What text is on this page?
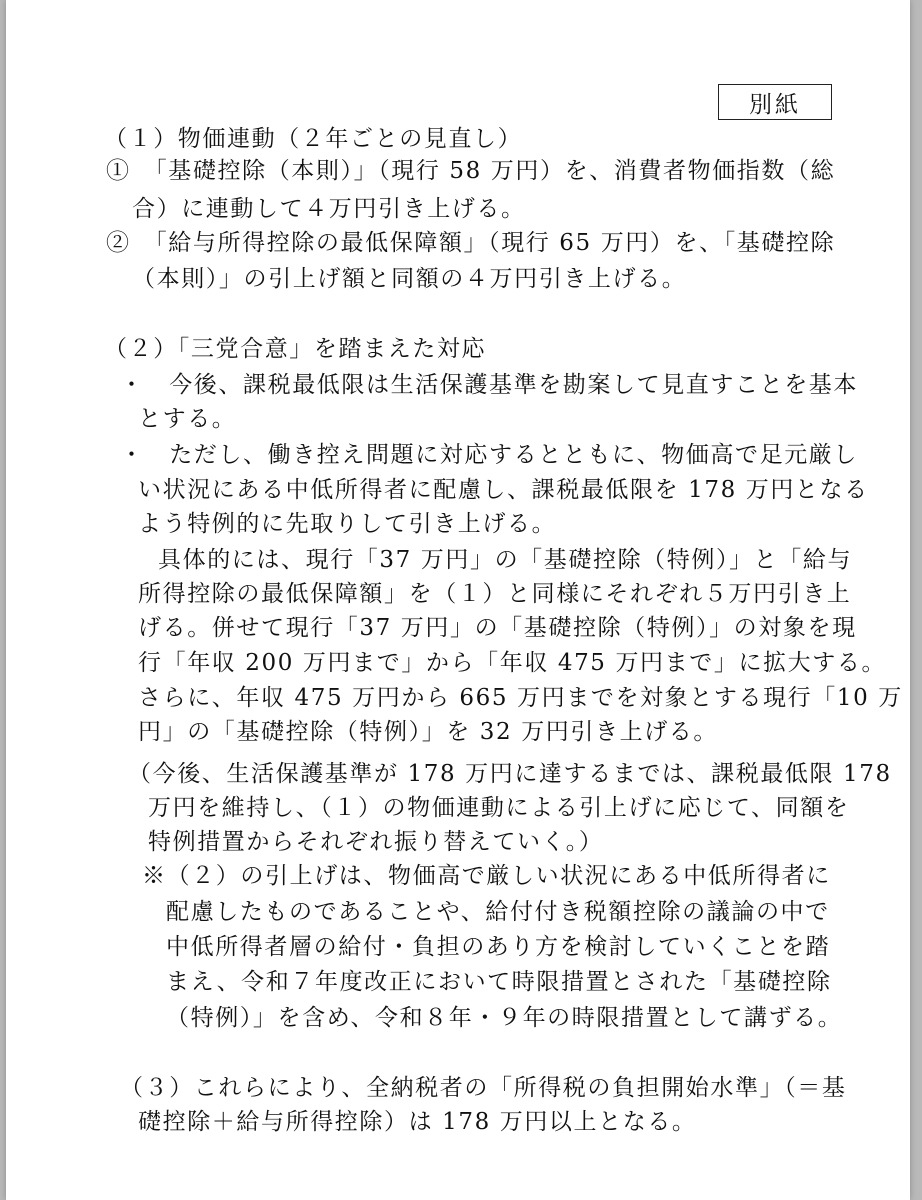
別紙
（１）物価連動（２年ごとの見直し）
①　「基礎控除（本則）」（現行 58 万円）を、消費者物価指数（総
合）に連動して４万円引き上げる。
②　「給与所得控除の最低保障額」（現行 65 万円）を、「基礎控除
（本則）」の引上げ額と同額の４万円引き上げる。
（２）「三党合意」を踏まえた対応
・　今後、課税最低限は生活保護基準を勘案して見直すことを基本
とする。
・　ただし、働き控え問題に対応するとともに、物価高で足元厳し
い状況にある中低所得者に配慮し、課税最低限を 178 万円となる
よう特例的に先取りして引き上げる。
具体的には、現行「37 万円」の「基礎控除（特例）」と「給与
所得控除の最低保障額」を（１）と同様にそれぞれ５万円引き上
げる。併せて現行「37 万円」の「基礎控除（特例）」の対象を現
行「年収 200 万円まで」から「年収 475 万円まで」に拡大する。
さらに、年収 475 万円から 665 万円までを対象とする現行「10 万
円」の「基礎控除（特例）」を 32 万円引き上げる。
（今後、生活保護基準が 178 万円に達するまでは、課税最低限 178
万円を維持し、（１）の物価連動による引上げに応じて、同額を
特例措置からそれぞれ振り替えていく。）
※（２）の引上げは、物価高で厳しい状況にある中低所得者に
配慮したものであることや、給付付き税額控除の議論の中で
中低所得者層の給付・負担のあり方を検討していくことを踏
まえ、令和７年度改正において時限措置とされた「基礎控除
（特例）」を含め、令和８年・９年の時限措置として講ずる。
（３）これらにより、全納税者の「所得税の負担開始水準」（＝基
礎控除＋給与所得控除）は 178 万円以上となる。
